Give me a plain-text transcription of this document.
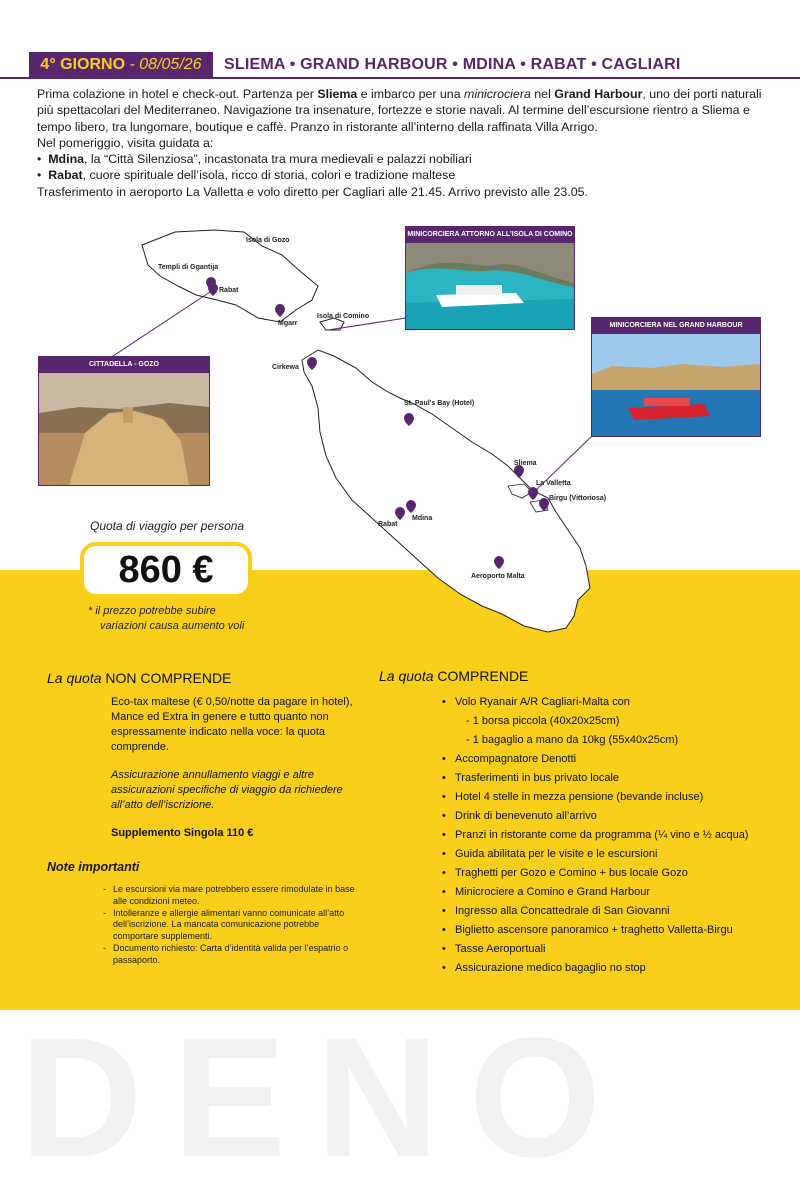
DENO
4° GIORNO - 08/05/26	SLIEMA • GRAND HARBOUR • MDINA • RABAT • CAGLIARI

Prima colazione in hotel e check-out. Partenza per Sliema e imbarco per una minicrociera nel Grand Harbour, uno dei porti naturali più spettacolari del Mediterraneo. Navigazione tra insenature, fortezze e storie navali. Al termine dell’escursione rientro a Sliema e tempo libero, tra lungomare, boutique e caffè. Pranzo in ristorante all’interno della raffinata Villa Arrigo.

Nel pomeriggio, visita guidata a:

•  Mdina, la “Città Silenziosa”, incastonata tra mura medievali e palazzi nobiliari

•  Rabat, cuore spirituale dell’isola, ricco di storia, colori e tradizione maltese

Trasferimento in aeroporto La Valletta e volo diretto per Cagliari alle 21.45. Arrivo previsto alle 23.05.

Isola di Gozo
Templi di Ggantija
Rabat
Mgarr
Isola di Comino
Cirkewa
St. Paul’s Bay (Hotel)
Sliema
La Valletta
Birgu (Vittoriosa)
Rabat
Mdina
Aeroporto Malta
MINICORCIERA ATTORNO ALL’ISOLA DI COMINO
MINICORCIERA NEL GRAND HARBOUR
CITTADELLA - GOZO
Quota di viaggio per persona
860 €
* il prezzo potrebbe subire
variazioni causa aumento voli
La quota NON COMPRENDE

Eco-tax maltese (€ 0,50/notte da pagare in hotel), Mance ed Extra in genere e tutto quanto non espressamente indicato nella voce: la quota comprende.

Assicurazione annullamento viaggi e altre assicurazioni specifiche di viaggio da richiedere all’atto dell’iscrizione.

Supplemento Singola 110 €

Note importanti
- Le escursioni via mare potrebbero essere rimodulate in base alle condizioni meteo.
- Intolleranze e allergie alimentari vanno comunicate all’atto dell’iscrizione. La mancata comunicazione potrebbe comportare supplementi.
- Documento richiesto: Carta d’identità valida per l’espatrio o passaporto.
La quota COMPRENDE
• Volo Ryanair A/R Cagliari-Malta con
- 1 borsa piccola (40x20x25cm)
- 1 bagaglio a mano da 10kg (55x40x25cm)
• Accompagnatore Denotti
• Trasferimenti in bus privato locale
• Hotel 4 stelle in mezza pensione (bevande incluse)
• Drink di benevenuto all’arrivo
• Pranzi in ristorante come da programma (¼ vino e ½ acqua)
• Guida abilitata per le visite e le escursioni
• Traghetti per Gozo e Comino + bus locale Gozo
• Minicrociere a Comino e Grand Harbour
• Ingresso alla Concattedrale di San Giovanni
• Biglietto ascensore panoramico + traghetto Valletta-Birgu
• Tasse Aeroportuali
• Assicurazione medico bagaglio no stop
